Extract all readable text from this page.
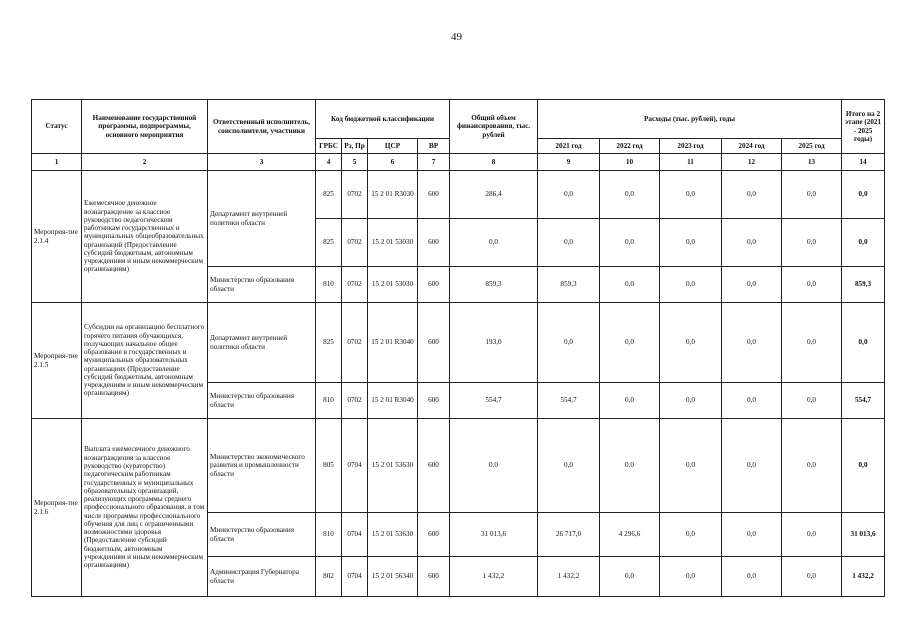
49
Статус	Наименование государственной программы, подпрограммы, основного мероприятия	Ответственный исполнитель, соисполнители, участники	Код бюджетной классификации				Общий объем финансирования, тыс. рублей	Расходы (тыс. рублей), годы					Итого на 2 этапе (2021 - 2025 годы)
			ГРБС	Рз, Пр	ЦСР	ВР		2021 год	2022 год	2023 год	2024 год	2025 год	
1	2	3	4	5	6	7	8	9	10	11	12	13	14
Мероприя-тие 2.1.4	Ежемесячное денежное вознаграждение за классное руководство педагогическим работникам государственных и муниципальных общеобразовательных организаций (Предоставление субсидий бюджетным, автономным учреждениям и иным некоммерческим организациям)	Департамент внутренней политики области	825	0702	15 2 01 R3030	600	286,4	0,0	0,0	0,0	0,0	0,0	0,0
			825	0702	15 2 01 53030	600	0,0	0,0	0,0	0,0	0,0	0,0	0,0
		Министерство образования области	810	0702	15 2 01 53030	600	859,3	859,3	0,0	0,0	0,0	0,0	859,3
Мероприя-тие 2.1.5	Субсидии на организацию бесплатного горячего питания обучающихся, получающих начальное общее образование в государственных и муниципальных образовательных организациях (Предоставление субсидий бюджетным, автономным учреждениям и иным некоммерческим организациям)	Департамент внутренней политики области	825	0702	15 2 01 R3040	600	193,0	0,0	0,0	0,0	0,0	0,0	0,0
		Министерство образования области	810	0702	15 2 01 R3040	600	554,7	554,7	0,0	0,0	0,0	0,0	554,7
Мероприя-тие 2.1.6	Выплата ежемесячного денежного вознаграждения за классное руководство (кураторство) педагогическим работникам государственных и муниципальных образовательных организаций, реализующих программы среднего профессионального образования, в том числе программы профессионального обучения для лиц с ограниченными возможностями здоровья (Предоставление субсидий бюджетным, автономным учреждениям и иным некоммерческим организациям)	Министерство экономического развития и промышленности области	805	0704	15 2 01 53630	600	0,0	0,0	0,0	0,0	0,0	0,0	0,0
		Министерство образования области	810	0704	15 2 01 53630	600	31 013,6	26 717,0	4 296,6	0,0	0,0	0,0	31 013,6
		Администрация Губернатора области	802	0704	15 2 01 56340	600	1 432,2	1 432,2	0,0	0,0	0,0	0,0	1 432,2
